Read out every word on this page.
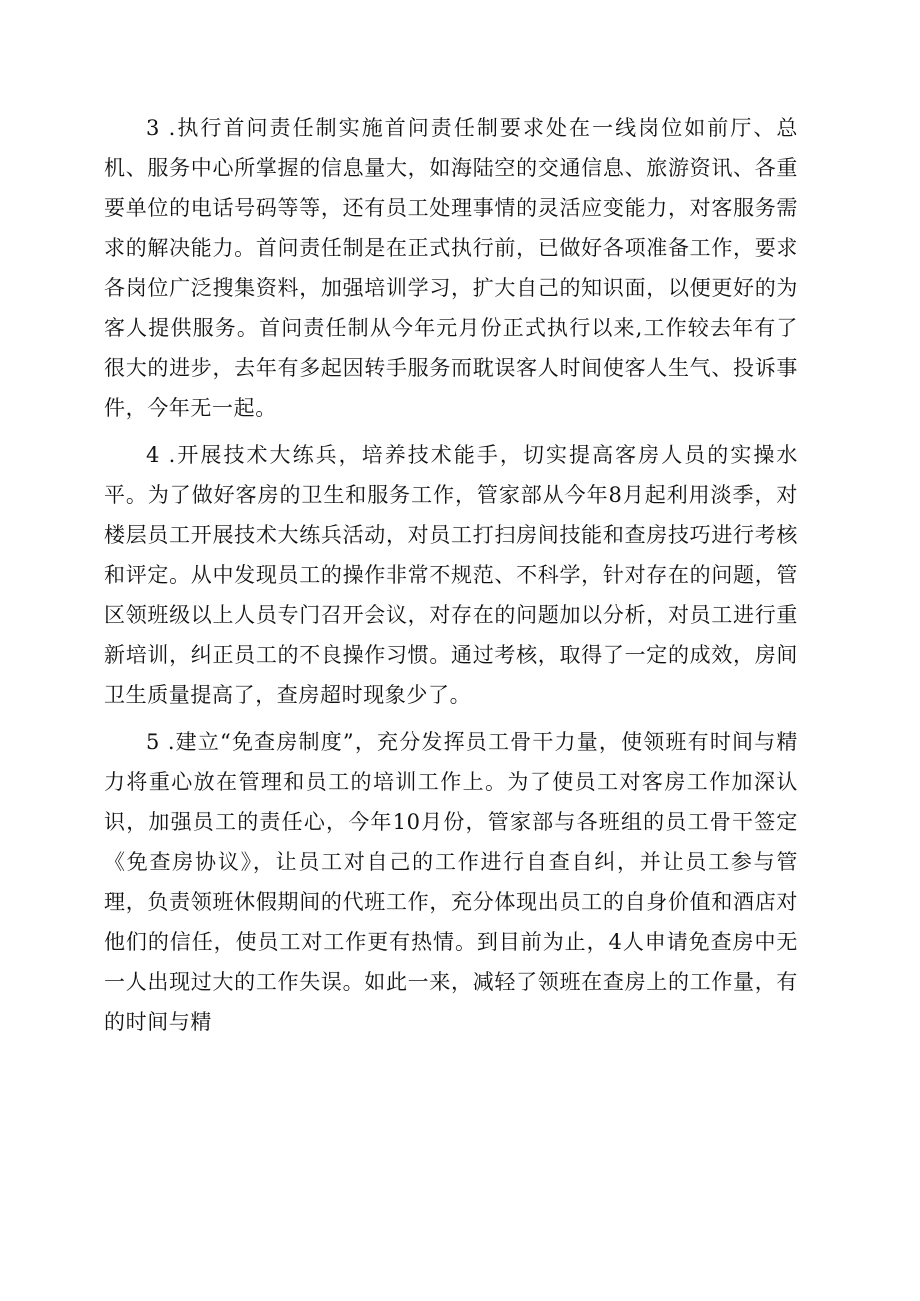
3 .执行首问责任制实施首问责任制要求处在一线岗位如前厅、总机、服务中心所掌握的信息量大，如海陆空的交通信息、旅游资讯、各重要单位的电话号码等等，还有员工处理事情的灵活应变能力，对客服务需求的解决能力。首问责任制是在正式执行前，已做好各项准备工作，要求各岗位广泛搜集资料，加强培训学习，扩大自己的知识面，以便更好的为客人提供服务。首问责任制从今年元月份正式执行以来,工作较去年有了很大的进步，去年有多起因转手服务而耽误客人时间使客人生气、投诉事件，今年无一起。

4 .开展技术大练兵，培养技术能手，切实提高客房人员的实操水平。为了做好客房的卫生和服务工作，管家部从今年8月起利用淡季，对楼层员工开展技术大练兵活动，对员工打扫房间技能和查房技巧进行考核和评定。从中发现员工的操作非常不规范、不科学，针对存在的问题，管区领班级以上人员专门召开会议，对存在的问题加以分析，对员工进行重新培训，纠正员工的不良操作习惯。通过考核，取得了一定的成效，房间卫生质量提高了，查房超时现象少了。

5 .建立“免查房制度”，充分发挥员工骨干力量，使领班有时间与精力将重心放在管理和员工的培训工作上。为了使员工对客房工作加深认识，加强员工的责任心，今年10月份，管家部与各班组的员工骨干签定《免查房协议》，让员工对自己的工作进行自查自纠，并让员工参与管理，负责领班休假期间的代班工作，充分体现出员工的自身价值和酒店对他们的信任，使员工对工作更有热情。到目前为止，4人申请免查房中无一人出现过大的工作失误。如此一来，减轻了领班在查房上的工作量，有的时间与精
